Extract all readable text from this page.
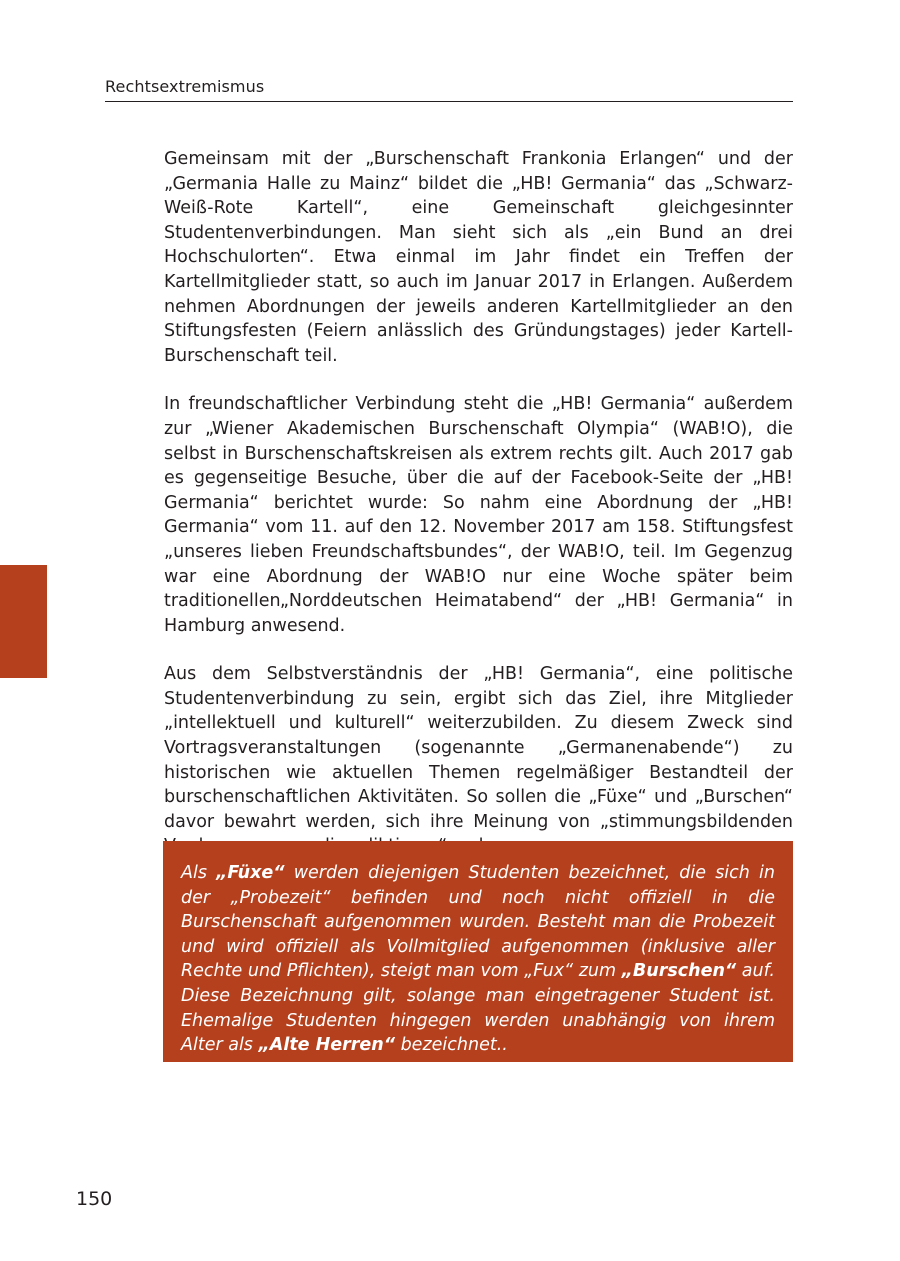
Rechtsextremismus

Gemeinsam mit der „Burschenschaft Frankonia Erlangen“ und der „Germania Halle zu Mainz“ bildet die „HB! Germania“ das „Schwarz-Weiß-Rote Kartell“, eine Gemeinschaft gleichgesinnter Studentenverbindungen. Man sieht sich als „ein Bund an drei Hochschulorten“. Etwa einmal im Jahr findet ein Treffen der Kartellmitglieder statt, so auch im Januar 2017 in Erlangen. Außerdem nehmen Abordnungen der jeweils anderen Kartellmitglieder an den Stiftungsfesten (Feiern anlässlich des Gründungstages) jeder Kartell-Burschenschaft teil.

In freundschaftlicher Verbindung steht die „HB! Germania“ außerdem zur „Wiener Akademischen Burschenschaft Olympia“ (WAB!O), die selbst in Burschenschaftskreisen als extrem rechts gilt. Auch 2017 gab es gegenseitige Besuche, über die auf der Facebook-Seite der „HB! Germania“ berichtet wurde: So nahm eine Abordnung der „HB! Germania“ vom 11. auf den 12. November 2017 am 158. Stiftungsfest „unseres lieben Freundschaftsbundes“, der WAB!O, teil. Im Gegenzug war eine Abordnung der WAB!O nur eine Woche später beim traditionellen„Norddeutschen Heimatabend“ der „HB! Germania“ in Hamburg anwesend.

Aus dem Selbstverständnis der „HB! Germania“, eine politische Studentenverbindung zu sein, ergibt sich das Ziel, ihre Mitglieder „intellektuell und kulturell“ weiterzubilden. Zu diesem Zweck sind Vortragsveranstaltungen (sogenannte „Germanenabende“) zu historischen wie aktuellen Themen regelmäßiger Bestandteil der burschenschaftlichen Aktivitäten. So sollen die „Füxe“ und „Burschen“ davor bewahrt werden, sich ihre Meinung von „stimmungsbildenden

Als „Füxe“ werden diejenigen Studenten bezeichnet, die sich in der „Probezeit“ befinden und noch nicht offiziell in die Burschenschaft aufgenommen wurden. Besteht man die Probezeit und wird offiziell als Vollmitglied aufgenommen (inklusive aller Rechte und Pflichten), steigt man vom „Fux“ zum „Burschen“ auf. Diese Bezeichnung gilt, solange man eingetragener Student ist. Ehemalige Studenten hingegen werden unabhängig von ihrem Alter als „Alte Herren“ bezeichnet..

150
